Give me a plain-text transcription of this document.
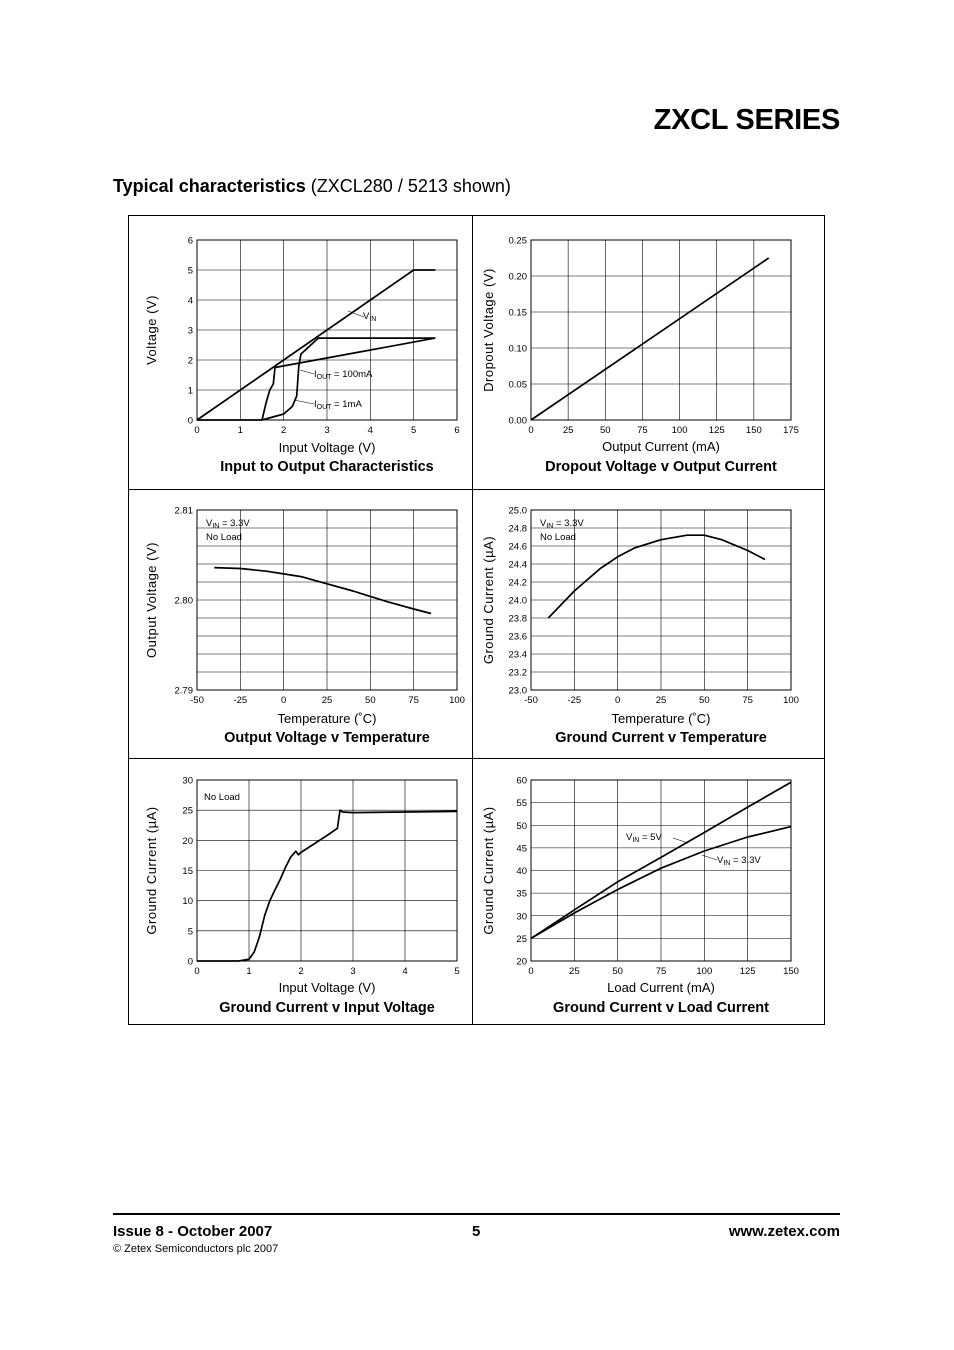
ZXCL SERIES
Typical characteristics (ZXCL280 / 5213 shown)
0	1	2	3	4	5	6
0
1
2
3
4
5
6
Input Voltage (V)
Voltage (V)
Input to Output Characteristics
$V_{IN}$
$I_{OUT} = 100mA$
$I_{OUT} = 1mA$
0	25	50	75	100 125 150 175
0.00
0.05
0.10
0.15
0.20
0.25
Output Current (mA)
Dropout Voltage (V)
Dropout Voltage v Output Current
-50	-25	0	25	50	75	100
2.79
2.80
2.81
Temperature (˚C)
Output Voltage (V)
Output Voltage v Temperature
$V_{IN} = 3.3V$
No Load
-50	-25	0	25	50	75	100
23.0
23.2
23.4
23.6
23.8
24.0
24.2
24.4
24.6
24.8
25.0
Temperature (˚C)
Ground Current (µA)
Ground Current v Temperature
$V_{IN} = 3.3V$
No Load
0	1	2	3	4	5
0
5
10
15
20
25
30
Input Voltage (V)
Ground Current (µA)
Ground Current v Input Voltage
No Load
0	25	50	75	100	125	150
20
25
30
35
40
45
50
55
60
Load Current (mA)
Ground Current (µA)
Ground Current v Load Current
$V_{IN} = 5V$
$V_{IN} = 3.3V$
Issue 8 - October 2007	5	www.zetex.com
© Zetex Semiconductors plc 2007
